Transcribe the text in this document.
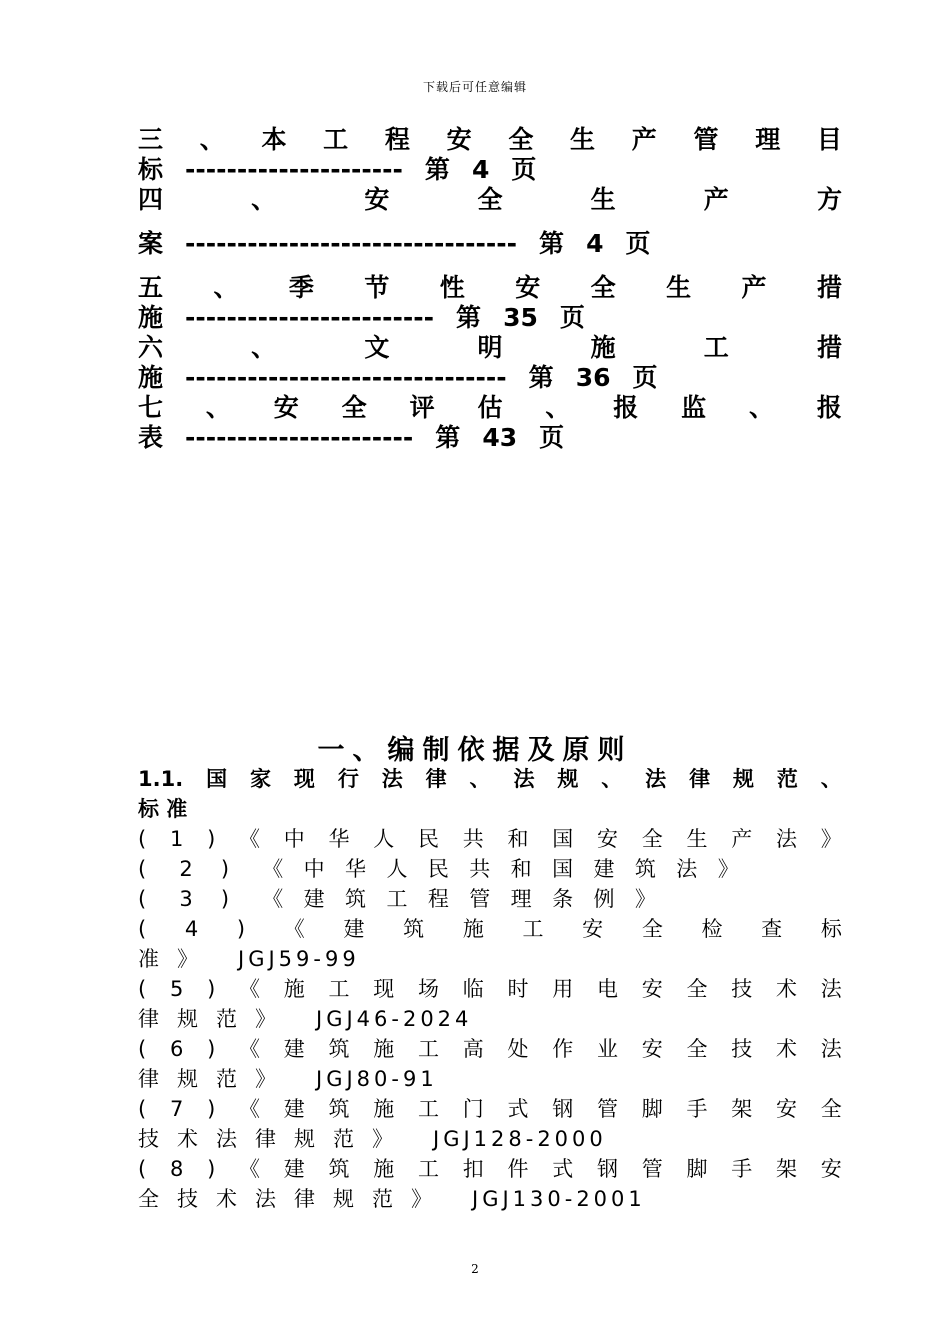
下载后可任意编辑
三 、 本 工 程 安 全 生 产 管 理 目
标 --------------------- 第 4 页
四	、	安	全	生	产	方
案 -------------------------------- 第 4 页
五 、 季 节 性 安 全 生 产 措
施 ------------------------ 第 35 页
六	、	文	明	施	工	措
施 ------------------------------- 第 36 页
七 、 安 全 评 估 、 报 监 、 报
表 ---------------------- 第 43 页
一、编制依据及原则
1.1. 国 家 现 行 法 律 、 法 规 、 法 律 规 范 、
标 准
( 1 ) 《 中 华 人 民 共 和 国 安 全 生 产 法 》
(	2	)	《 中 华 人 民 共 和 国 建 筑 法 》
(	3	)	《 建 筑 工 程 管 理 条 例 》
( 4 ) 《 建 筑 施 工 安 全 检 查 标
准》 JGJ59-99
( 5 ) 《 施 工 现 场 临 时 用 电 安 全 技 术 法
律规范》 JGJ46-2024
( 6 ) 《 建 筑 施 工 高 处 作 业 安 全 技 术 法
律规范》 JGJ80-91
( 7 ) 《 建 筑 施 工 门 式 钢 管 脚 手 架 安 全
技术法律规范》 JGJ128-2000
( 8 ) 《 建 筑 施 工 扣 件 式 钢 管 脚 手 架 安
全技术法律规范》 JGJ130-2001
2
